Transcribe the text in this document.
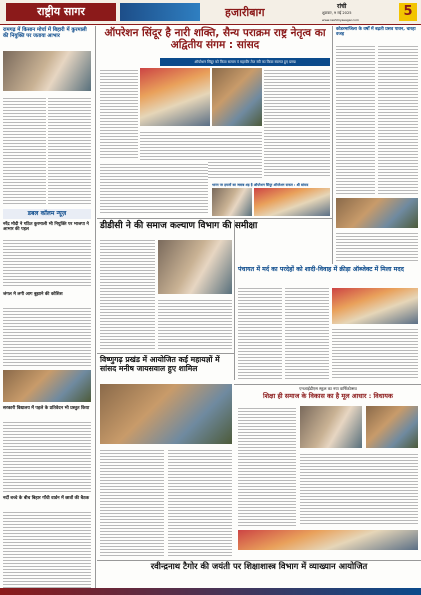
राष्ट्रीय सागर	हजारीबाग	रांची
शुक्रवार, 9 मई 2025	5
www.rashtriyasagar.com
रामगढ़ में किसान मोर्चा में बिहारी में कुरमाली की नियुक्ति पर जताया आभार
डबल कॉलम न्यूज़
नरेंद्र मोदी ने गठित कुरमाली भी नियुक्ति पर भाजपा ने आभार की पहल
जंगल मे लगी आग बुझाने की कोशिश
सरकारी विद्यालय में पहले के प्रतिवेदन भी प्रस्तुत किया
नर्दी बच्चे के बीच बिहार गाँधी वार्डन में छात्रों की बैठक
ऑपरेशन सिंदूर है नारी शक्ति, सैन्य पराक्रम राष्ट्र नेतृत्व का अद्वितीय संगम : सांसद
ऑपरेशन सिंदूर को किया सलाम पं महावीर तेज स्वी का किया स्वागत हुए प्रसन्न
भारत पर हमलों का जवाब शह है ऑपरेशन सिंदूर ऑपरेशन सफल : श्री सांसद
कोडरमाजिला के वर्षों में बढ़ती प्रसव पावन, चारहा वजह
डीडीसी ने की समाज कल्याण विभाग की समीक्षा
पंचायत में मर्द का परदेहों को शादी-विवाह में क्रीड़ा ऑब्जेक्ट में मिला मदद
विष्णुगढ़ प्रखंड में आयोजित कई महायज्ञों में सांसद मनीष जायसवाल हुए शामिल
एनआईडीएस स्कूल का नया वार्षिकोत्सव
शिक्षा ही समाज के विकास का है मूल आधार : विधायक
रवीन्द्रनाथ टैगोर की जयंती पर शिक्षाशास्त्र विभाग में व्याख्यान आयोजित
